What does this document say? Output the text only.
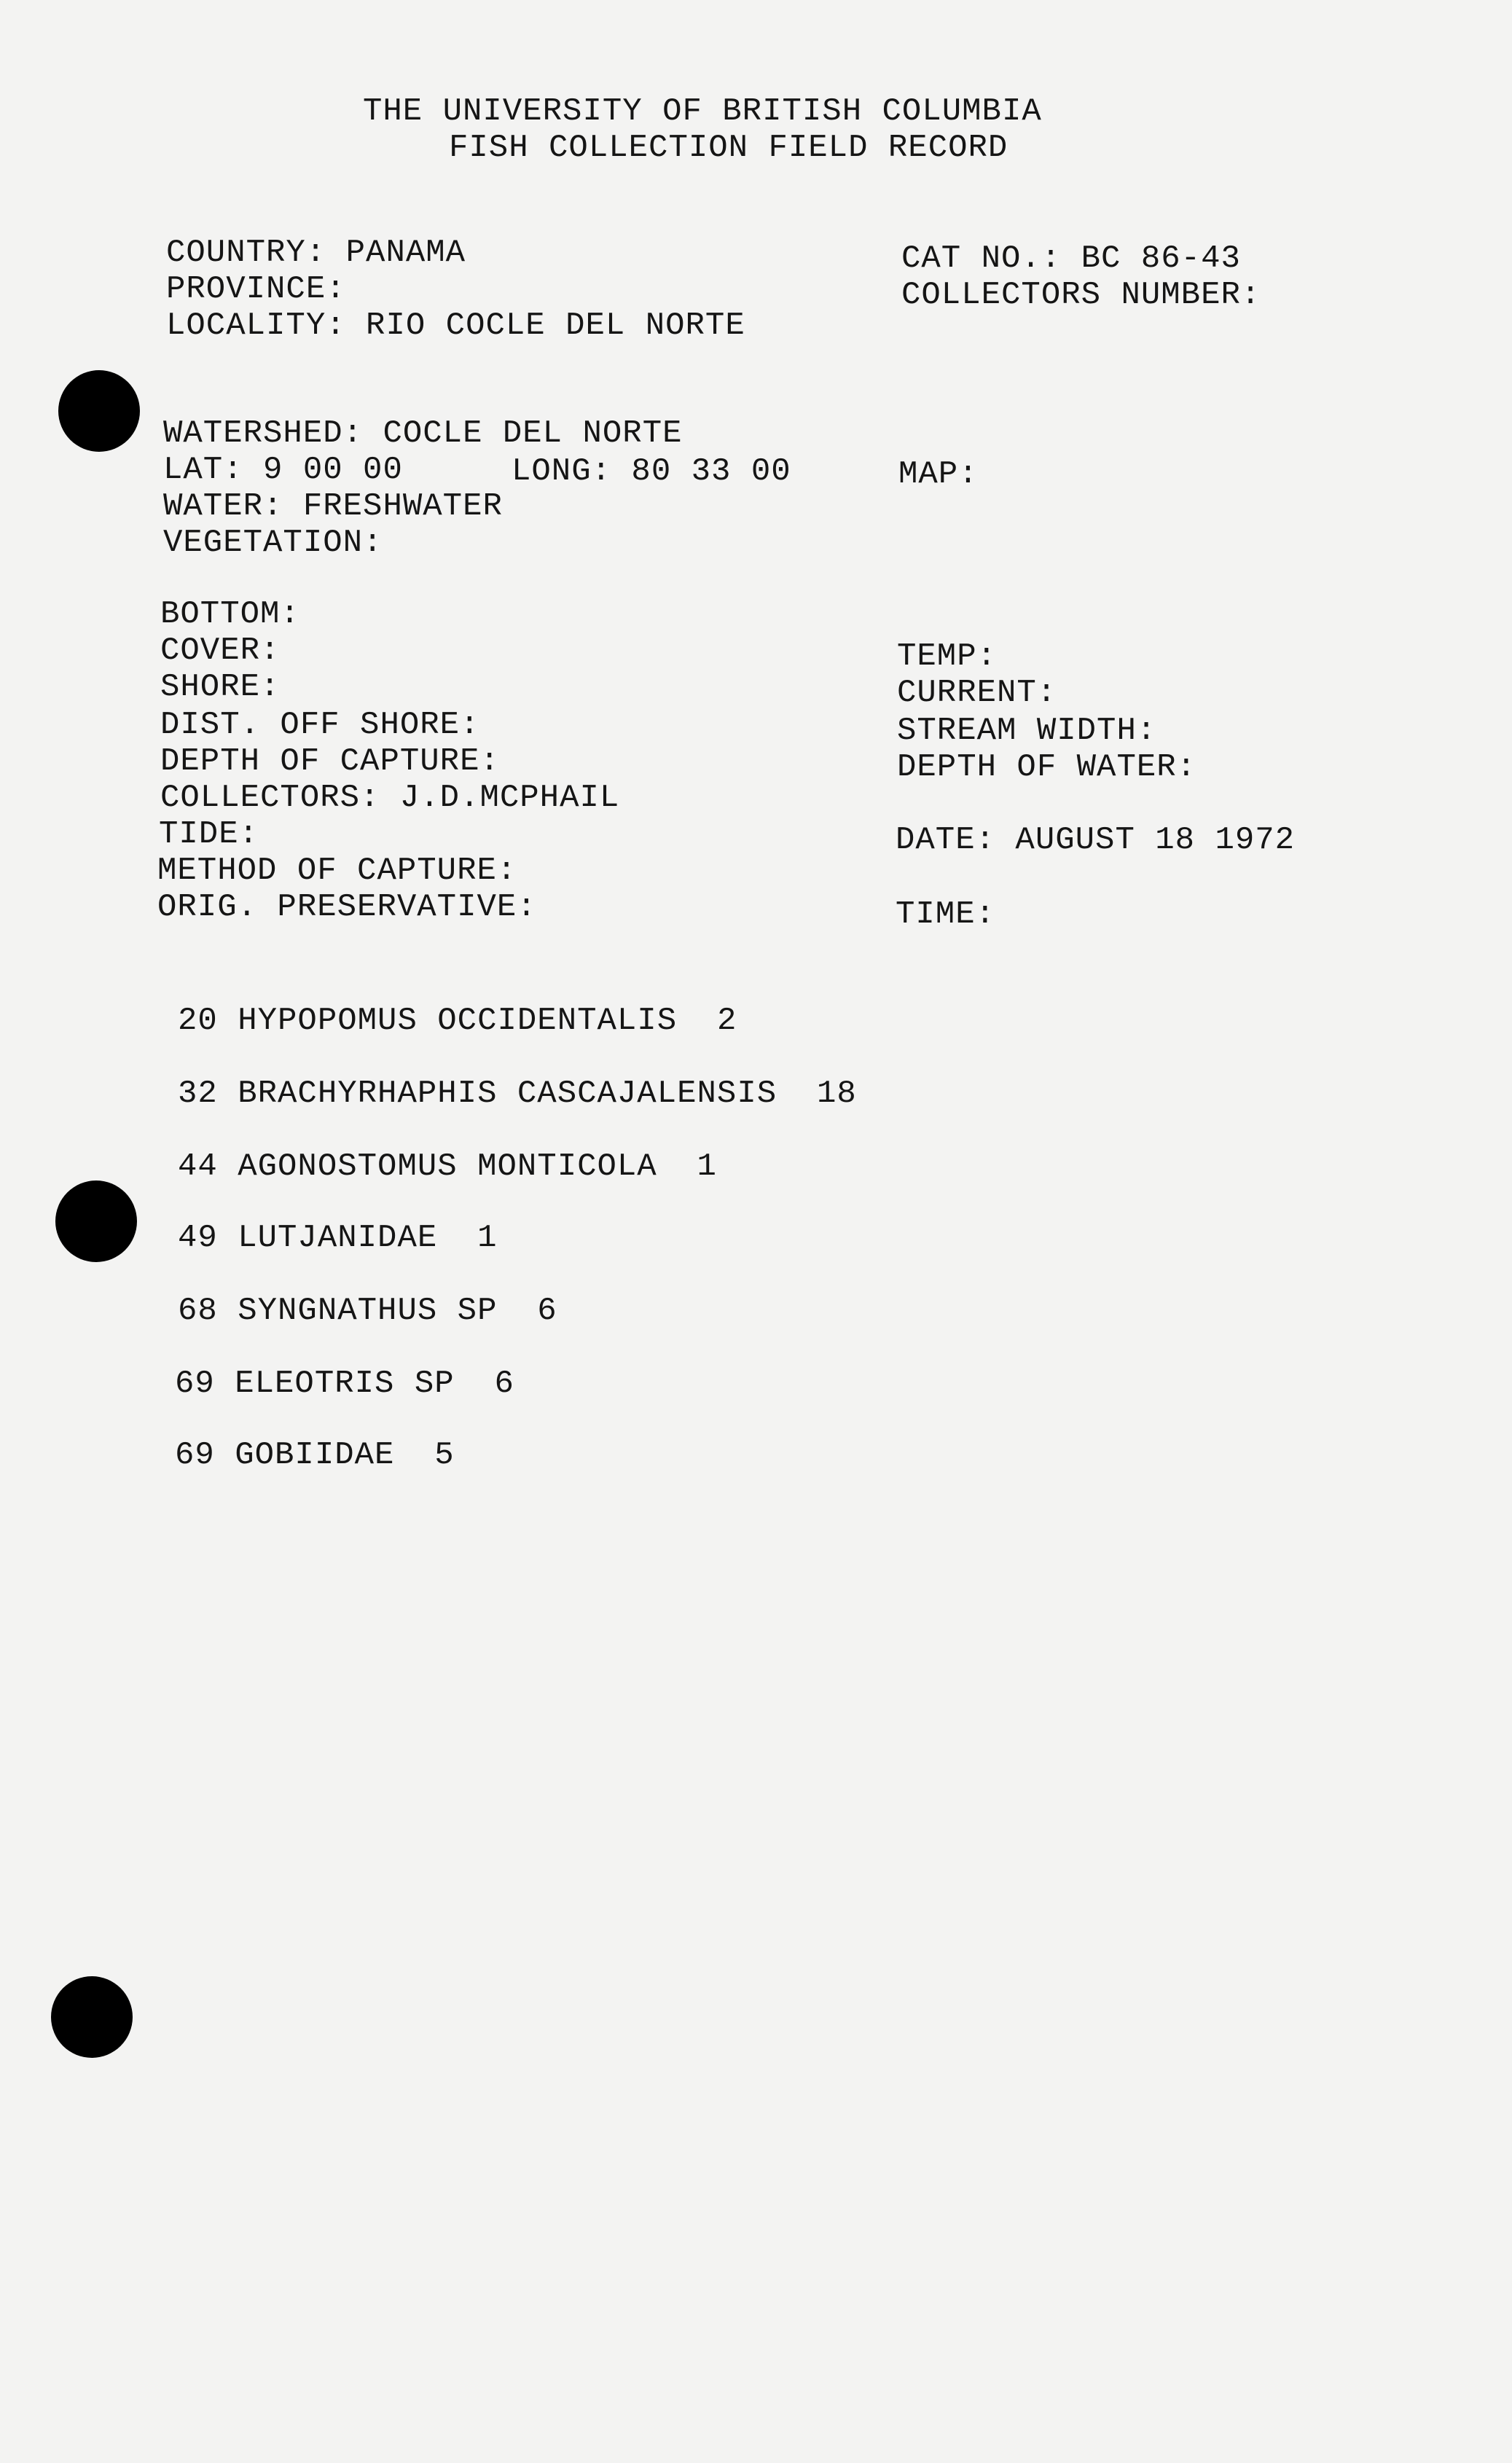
THE UNIVERSITY OF BRITISH COLUMBIA
FISH COLLECTION FIELD RECORD
COUNTRY: PANAMA
PROVINCE:
LOCALITY: RIO COCLE DEL NORTE
CAT NO.: BC 86-43
COLLECTORS NUMBER:
WATERSHED: COCLE DEL NORTE
LAT: 9 00 00	LONG: 80 33 00	MAP:
WATER: FRESHWATER
VEGETATION:
BOTTOM:
COVER:
SHORE:
DIST. OFF SHORE:
DEPTH OF CAPTURE:
COLLECTORS: J.D.MCPHAIL
TIDE:
METHOD OF CAPTURE:
ORIG. PRESERVATIVE:
TEMP:
CURRENT:
STREAM WIDTH:
DEPTH OF WATER:
DATE: AUGUST 18 1972
TIME:
20 HYPOPOMUS OCCIDENTALIS 2
32 BRACHYRHAPHIS CASCAJALENSIS 18
44 AGONOSTOMUS MONTICOLA 1
49 LUTJANIDAE 1
68 SYNGNATHUS SP 6
69 ELEOTRIS SP 6
69 GOBIIDAE 5
